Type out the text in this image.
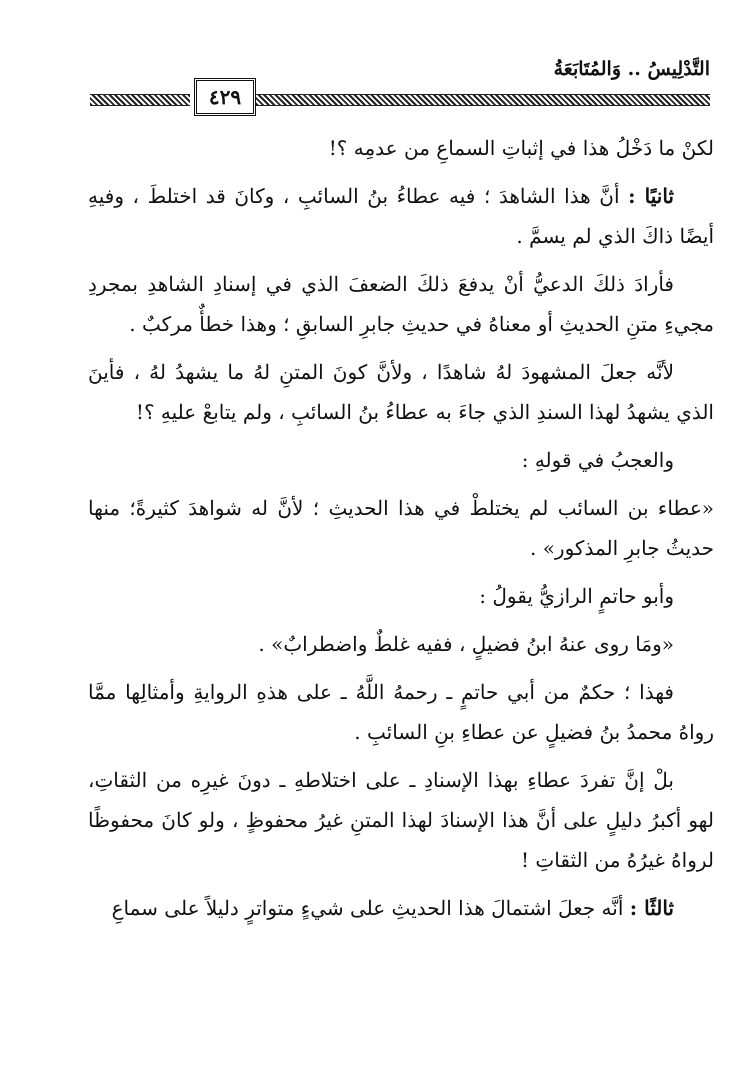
التَّدْلِيسُ .. وَالمُتَابَعَةُ
٤٢٩

لكنْ ما دَخْلُ هذا في إثباتِ السماعِ من عدمِه ؟!

ثانيًا : أنَّ هذا الشاهدَ ؛ فيه عطاءُ بنُ السائبِ ، وكانَ قد اختلطَ ، وفيهِ أيضًا ذاكَ الذي لم يسمَّ .

فأرادَ ذلكَ الدعيُّ أنْ يدفعَ ذلكَ الضعفَ الذي في إسنادِ الشاهدِ بمجردِ مجيءِ متنِ الحديثِ أو معناهُ في حديثِ جابرِ السابقِ ؛ وهذا خطأٌ مركبٌ .

لأنَّه جعلَ المشهودَ لهُ شاهدًا ، ولأنَّ كونَ المتنِ لهُ ما يشهدُ لهُ ، فأينَ الذي يشهدُ لهذا السندِ الذي جاءَ به عطاءُ بنُ السائبِ ، ولم يتابعْ عليهِ ؟!

والعجبُ في قولهِ :

«عطاء بن السائب لم يختلطْ في هذا الحديثِ ؛ لأنَّ له شواهدَ كثيرةً؛ منها حديثُ جابرِ المذكور» .

وأبو حاتمٍ الرازيُّ يقولُ :

«ومَا روى عنهُ ابنُ فضيلٍ ، ففيه غلطٌ واضطرابٌ» .

فهذا ؛ حكمٌ من أبي حاتمٍ ـ رحمهُ اللَّهُ ـ على هذهِ الروايةِ وأمثالِها ممَّا رواهُ محمدُ بنُ فضيلٍ عن عطاءِ بنِ السائبِ .

بلْ إنَّ تفردَ عطاءِ بهذا الإسنادِ ـ على اختلاطهِ ـ دونَ غيرِه من الثقاتِ، لهو أكبرُ دليلٍ على أنَّ هذا الإسنادَ لهذا المتنِ غيرُ محفوظٍ ، ولو كانَ محفوظًا لرواهُ غيرُهُ من الثقاتِ !

ثالثًا : أنَّه جعلَ اشتمالَ هذا الحديثِ على شيءٍ متواترٍ دليلاً على سماعِ
